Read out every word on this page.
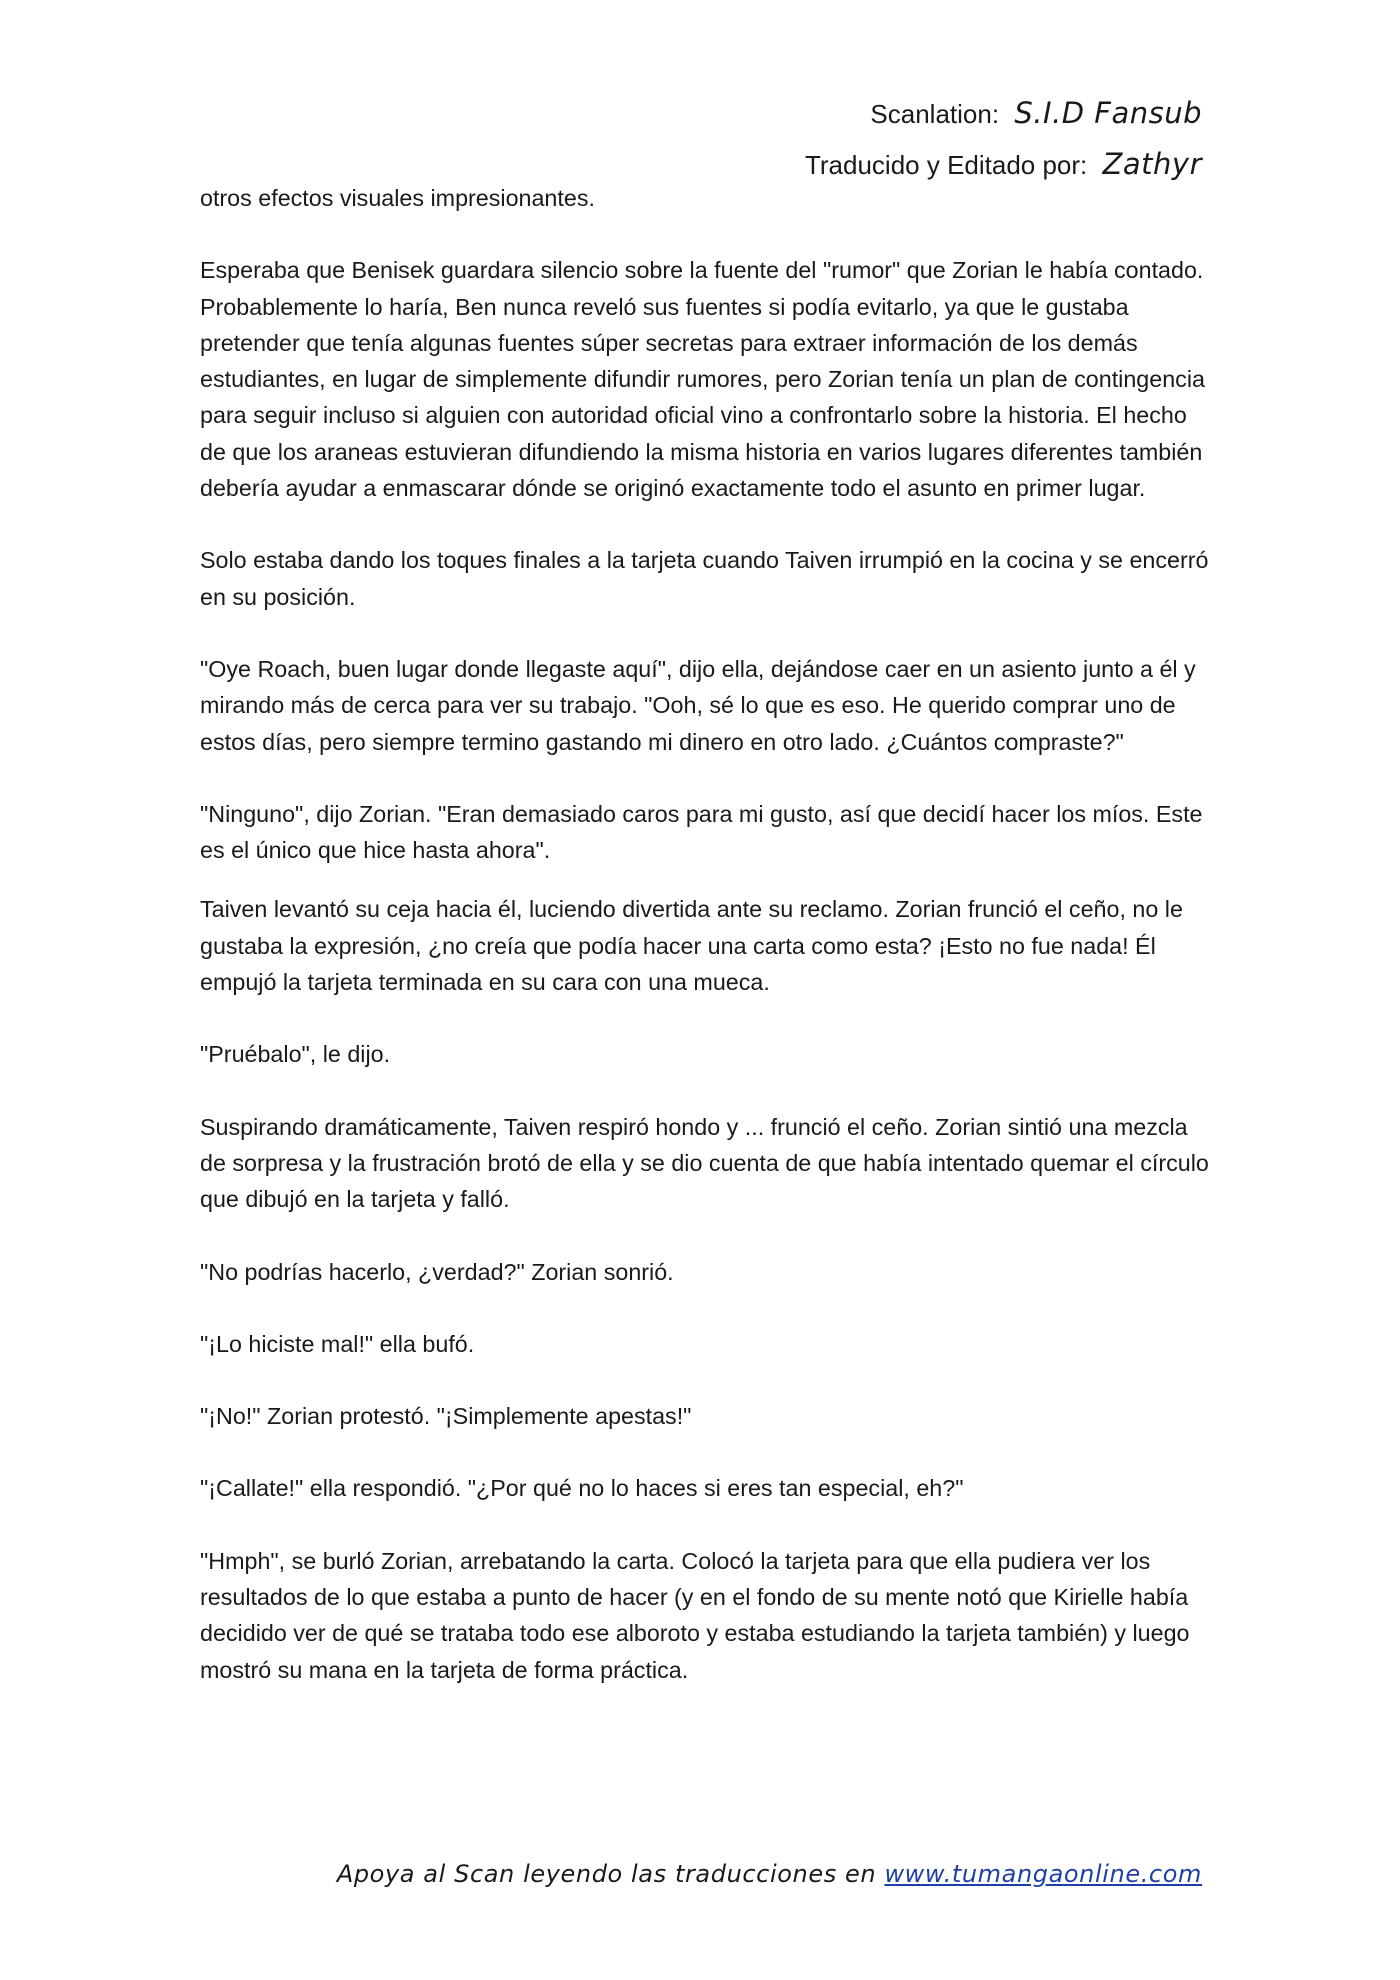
Scanlation: S.I.D Fansub
Traducido y Editado por: Zathyr

otros efectos visuales impresionantes.

Esperaba que Benisek guardara silencio sobre la fuente del "rumor" que Zorian le había contado. Probablemente lo haría, Ben nunca reveló sus fuentes si podía evitarlo, ya que le gustaba pretender que tenía algunas fuentes súper secretas para extraer información de los demás estudiantes, en lugar de simplemente difundir rumores, pero Zorian tenía un plan de contingencia para seguir incluso si alguien con autoridad oficial vino a confrontarlo sobre la historia. El hecho de que los araneas estuvieran difundiendo la misma historia en varios lugares diferentes también debería ayudar a enmascarar dónde se originó exactamente todo el asunto en primer lugar.

Solo estaba dando los toques finales a la tarjeta cuando Taiven irrumpió en la cocina y se encerró en su posición.

"Oye Roach, buen lugar donde llegaste aquí", dijo ella, dejándose caer en un asiento junto a él y mirando más de cerca para ver su trabajo. "Ooh, sé lo que es eso. He querido comprar uno de estos días, pero siempre termino gastando mi dinero en otro lado. ¿Cuántos compraste?"

"Ninguno", dijo Zorian. "Eran demasiado caros para mi gusto, así que decidí hacer los míos. Este es el único que hice hasta ahora".

Taiven levantó su ceja hacia él, luciendo divertida ante su reclamo. Zorian frunció el ceño, no le gustaba la expresión, ¿no creía que podía hacer una carta como esta? ¡Esto no fue nada! Él empujó la tarjeta terminada en su cara con una mueca.

"Pruébalo", le dijo.

Suspirando dramáticamente, Taiven respiró hondo y ... frunció el ceño. Zorian sintió una mezcla de sorpresa y la frustración brotó de ella y se dio cuenta de que había intentado quemar el círculo que dibujó en la tarjeta y falló.

"No podrías hacerlo, ¿verdad?" Zorian sonrió.

"¡Lo hiciste mal!" ella bufó.

"¡No!" Zorian protestó. "¡Simplemente apestas!"

"¡Callate!" ella respondió. "¿Por qué no lo haces si eres tan especial, eh?"

"Hmph", se burló Zorian, arrebatando la carta. Colocó la tarjeta para que ella pudiera ver los resultados de lo que estaba a punto de hacer (y en el fondo de su mente notó que Kirielle había decidido ver de qué se trataba todo ese alboroto y estaba estudiando la tarjeta también) y luego mostró su mana en la tarjeta de forma práctica.

Apoya al Scan leyendo las traducciones en www.tumangaonline.com
